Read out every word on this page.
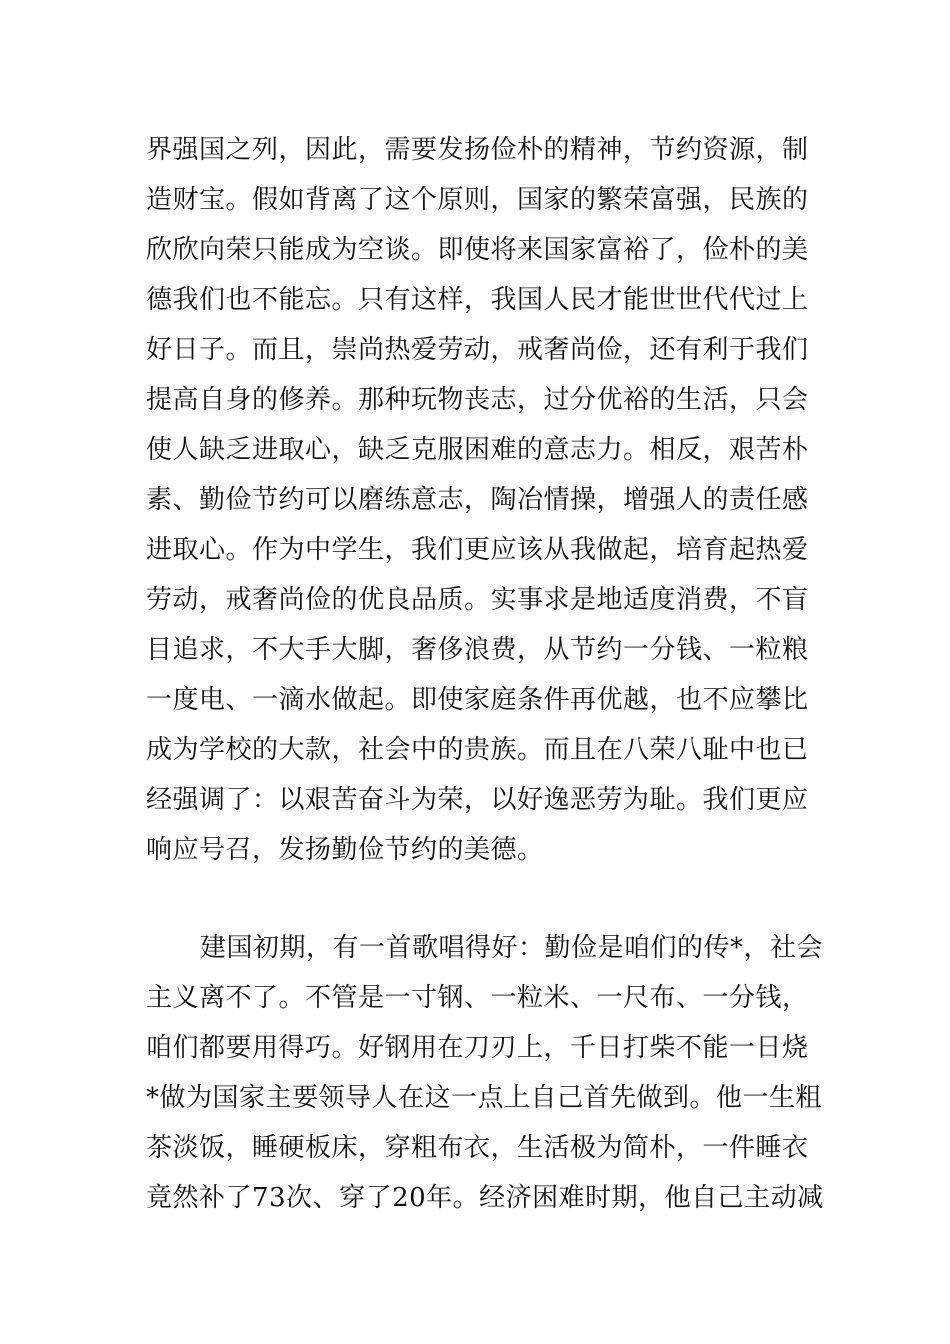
界强国之列，因此，需要发扬俭朴的精神，节约资源，制
造财宝。假如背离了这个原则，国家的繁荣富强，民族的
欣欣向荣只能成为空谈。即使将来国家富裕了，俭朴的美
德我们也不能忘。只有这样，我国人民才能世世代代过上
好日子。而且，崇尚热爱劳动，戒奢尚俭，还有利于我们
提高自身的修养。那种玩物丧志，过分优裕的生活，只会
使人缺乏进取心，缺乏克服困难的意志力。相反，艰苦朴
素、勤俭节约可以磨练意志，陶冶情操，增强人的责任感
进取心。作为中学生，我们更应该从我做起，培育起热爱
劳动，戒奢尚俭的优良品质。实事求是地适度消费，不盲
目追求，不大手大脚，奢侈浪费，从节约一分钱、一粒粮
一度电、一滴水做起。即使家庭条件再优越，也不应攀比
成为学校的大款，社会中的贵族。而且在八荣八耻中也已
经强调了：以艰苦奋斗为荣，以好逸恶劳为耻。我们更应
响应号召，发扬勤俭节约的美德。
建国初期，有一首歌唱得好：勤俭是咱们的传*，社会
主义离不了。不管是一寸钢、一粒米、一尺布、一分钱，
咱们都要用得巧。好钢用在刀刃上，千日打柴不能一日烧
*做为国家主要领导人在这一点上自己首先做到。他一生粗
茶淡饭，睡硬板床，穿粗布衣，生活极为简朴，一件睡衣
竟然补了73次、穿了20年。经济困难时期，他自己主动减
